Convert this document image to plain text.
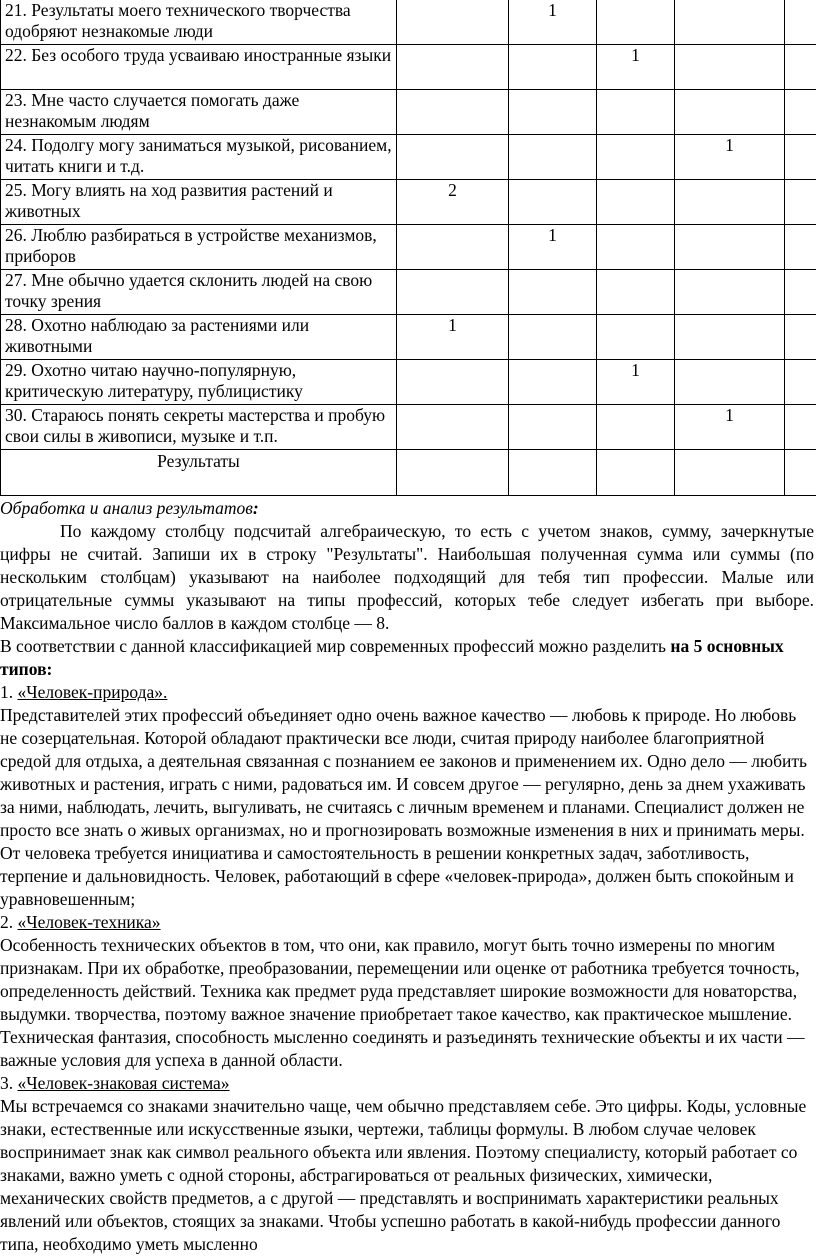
21. Результаты моего технического творчества одобряют незнакомые люди		1			
22. Без особого труда усваиваю иностранные языки			1		
23. Мне часто случается помогать даже незнакомым людям					
24. Подолгу могу заниматься музыкой, рисованием, читать книги и т.д.				1	
25. Могу влиять на ход развития растений и животных	2				
26. Люблю разбираться в устройстве механизмов, приборов		1			
27. Мне обычно удается склонить людей на свою точку зрения					
28. Охотно наблюдаю за растениями или животными	1				
29. Охотно читаю научно-популярную, критическую литературу, публицистику			1		
30. Стараюсь понять секреты мастерства и пробую свои силы в живописи, музыке и т.п.				1	
Результаты					

Обработка и анализ результатов:

По каждому столбцу подсчитай алгебраическую, то есть с учетом знаков, сумму, зачеркнутые цифры не считай. Запиши их в строку "Результаты". Наибольшая полученная сумма или суммы (по нескольким столбцам) указывают на наиболее подходящий для тебя тип профессии. Малые или отрицательные суммы указывают на типы профессий, которых тебе следует избегать при выборе. Максимальное число баллов в каждом столбце — 8.

В соответствии с данной классификацией мир современных профессий можно разделить на 5 основных типов:

1. «Человек-природа».

Представителей этих профессий объединяет одно очень важное качество — любовь к природе. Но любовь не созерцательная. Которой обладают практически все люди, считая природу наиболее благоприятной средой для отдыха, а деятельная связанная с познанием ее законов и применением их. Одно дело — любить животных и растения, играть с ними, радоваться им. И совсем другое — регулярно, день за днем ухаживать за ними, наблюдать, лечить, выгуливать, не считаясь с личным временем и планами. Специалист должен не просто все знать о живых организмах, но и прогнозировать возможные изменения в них и принимать меры. От человека требуется инициатива и самостоятельность в решении конкретных задач, заботливость, терпение и дальновидность. Человек, работающий в сфере «человек-природа», должен быть спокойным и уравновешенным;

2. «Человек-техника»

Особенность технических объектов в том, что они, как правило, могут быть точно измерены по многим признакам. При их обработке, преобразовании, перемещении или оценке от работника требуется точность, определенность действий. Техника как предмет руда представляет широкие возможности для новаторства, выдумки. творчества, поэтому важное значение приобретает такое качество, как практическое мышление. Техническая фантазия, способность мысленно соединять и разъединять технические объекты и их части — важные условия для успеха в данной области.

3. «Человек-знаковая система»

Мы встречаемся со знаками значительно чаще, чем обычно представляем себе. Это цифры. Коды, условные знаки, естественные или искусственные языки, чертежи, таблицы формулы. В любом случае человек воспринимает знак как символ реального объекта или явления. Поэтому специалисту, который работает со знаками, важно уметь с одной стороны, абстрагироваться от реальных физических, химически, механических свойств предметов, а с другой — представлять и воспринимать характеристики реальных явлений или объектов, стоящих за знаками. Чтобы успешно работать в какой-нибудь профессии данного типа, необходимо уметь мысленно
